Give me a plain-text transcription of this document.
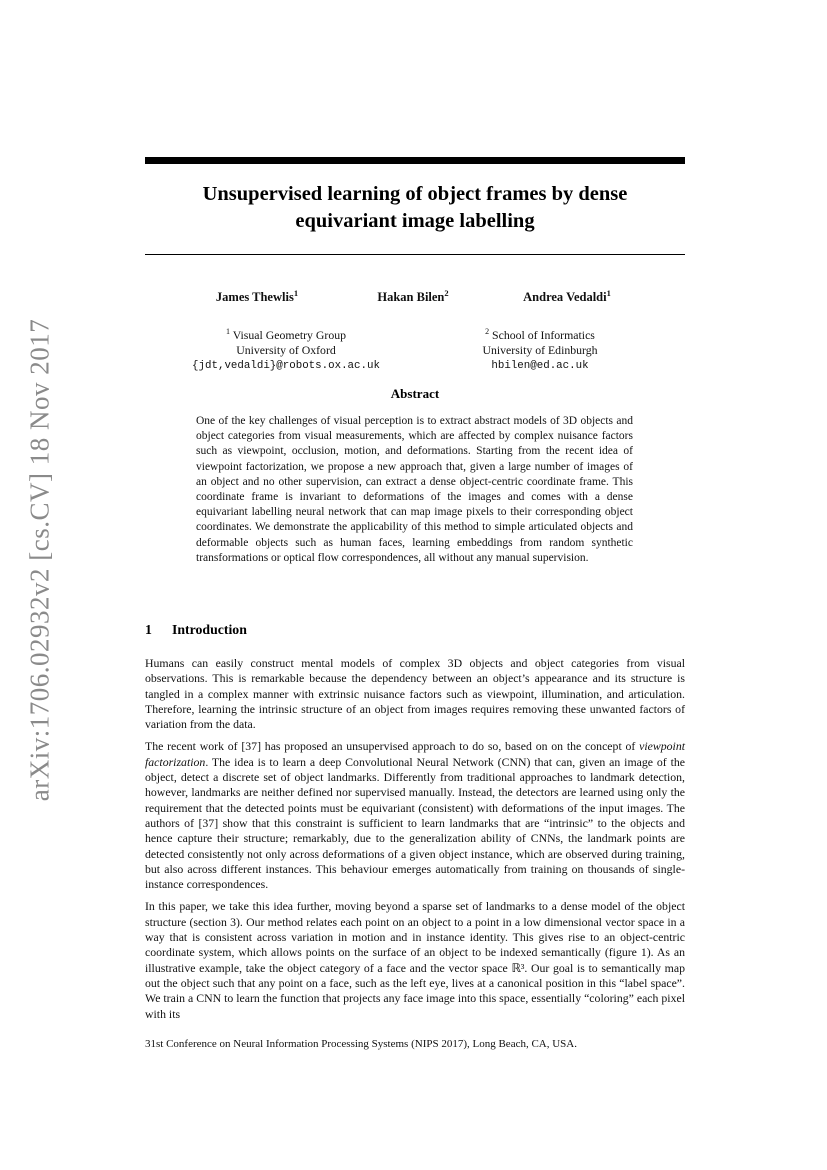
arXiv:1706.02932v2 [cs.CV] 18 Nov 2017
Unsupervised learning of object frames by dense equivariant image labelling
James Thewlis$^1$	Hakan Bilen$^2$	Andrea Vedaldi$^1$
$^1$ Visual Geometry Group
University of Oxford
{jdt,vedaldi}@robots.ox.ac.uk
$^2$ School of Informatics
University of Edinburgh
hbilen@ed.ac.uk
Abstract

One of the key challenges of visual perception is to extract abstract models of 3D objects and object categories from visual measurements, which are affected by complex nuisance factors such as viewpoint, occlusion, motion, and deformations. Starting from the recent idea of viewpoint factorization, we propose a new approach that, given a large number of images of an object and no other supervision, can extract a dense object-centric coordinate frame. This coordinate frame is invariant to deformations of the images and comes with a dense equivariant labelling neural network that can map image pixels to their corresponding object coordinates. We demonstrate the applicability of this method to simple articulated objects and deformable objects such as human faces, learning embeddings from random synthetic transformations or optical flow correspondences, all without any manual supervision.

1 Introduction

Humans can easily construct mental models of complex 3D objects and object categories from visual observations. This is remarkable because the dependency between an object’s appearance and its structure is tangled in a complex manner with extrinsic nuisance factors such as viewpoint, illumination, and articulation. Therefore, learning the intrinsic structure of an object from images requires removing these unwanted factors of variation from the data.

The recent work of [37] has proposed an unsupervised approach to do so, based on on the concept of viewpoint factorization. The idea is to learn a deep Convolutional Neural Network (CNN) that can, given an image of the object, detect a discrete set of object landmarks. Differently from traditional approaches to landmark detection, however, landmarks are neither defined nor supervised manually. Instead, the detectors are learned using only the requirement that the detected points must be equivariant (consistent) with deformations of the input images. The authors of [37] show that this constraint is sufficient to learn landmarks that are “intrinsic” to the objects and hence capture their structure; remarkably, due to the generalization ability of CNNs, the landmark points are detected consistently not only across deformations of a given object instance, which are observed during training, but also across different instances. This behaviour emerges automatically from training on thousands of single-instance correspondences.

In this paper, we take this idea further, moving beyond a sparse set of landmarks to a dense model of the object structure (section 3). Our method relates each point on an object to a point in a low dimensional vector space in a way that is consistent across variation in motion and in instance identity. This gives rise to an object-centric coordinate system, which allows points on the surface of an object to be indexed semantically (figure 1). As an illustrative example, take the object category of a face and the vector space ℝ³. Our goal is to semantically map out the object such that any point on a face, such as the left eye, lives at a canonical position in this “label space”. We train a CNN to learn the function that projects any face image into this space, essentially “coloring” each pixel with its

31st Conference on Neural Information Processing Systems (NIPS 2017), Long Beach, CA, USA.
